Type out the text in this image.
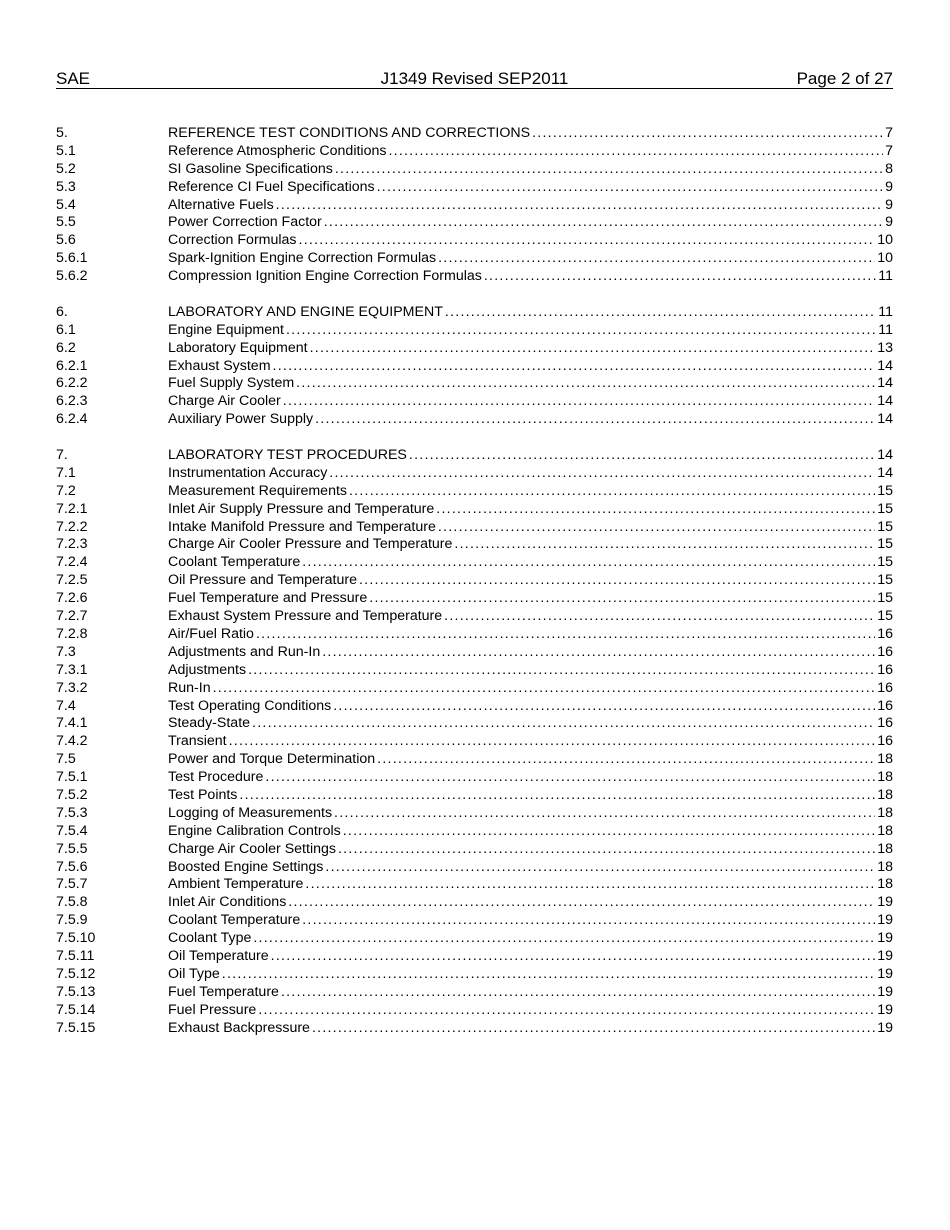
SAE	J1349 Revised SEP2011	Page 2 of 27
5.	REFERENCE TEST CONDITIONS AND CORRECTIONS . . .	7
5.1	Reference Atmospheric Conditions . . .	7
5.2	SI Gasoline Specifications . . .	8
5.3	Reference CI Fuel Specifications . . .	9
5.4	Alternative Fuels . . .	9
5.5	Power Correction Factor . . .	9
5.6	Correction Formulas . . .	10
5.6.1	Spark-Ignition Engine Correction Formulas . . .	10
5.6.2	Compression Ignition Engine Correction Formulas . . .	11
6.	LABORATORY AND ENGINE EQUIPMENT . . .	11
6.1	Engine Equipment . . .	11
6.2	Laboratory Equipment . . .	13
6.2.1	Exhaust System . . .	14
6.2.2	Fuel Supply System . . .	14
6.2.3	Charge Air Cooler . . .	14
6.2.4	Auxiliary Power Supply . . .	14
7.	LABORATORY TEST PROCEDURES . . .	14
7.1	Instrumentation Accuracy . . .	14
7.2	Measurement Requirements . . .	15
7.2.1	Inlet Air Supply Pressure and Temperature . . .	15
7.2.2	Intake Manifold Pressure and Temperature . . .	15
7.2.3	Charge Air Cooler Pressure and Temperature . . .	15
7.2.4	Coolant Temperature . . .	15
7.2.5	Oil Pressure and Temperature . . .	15
7.2.6	Fuel Temperature and Pressure . . .	15
7.2.7	Exhaust System Pressure and Temperature . . .	15
7.2.8	Air/Fuel Ratio . . .	16
7.3	Adjustments and Run-In . . .	16
7.3.1	Adjustments . . .	16
7.3.2	Run-In . . .	16
7.4	Test Operating Conditions . . .	16
7.4.1	Steady-State . . .	16
7.4.2	Transient . . .	16
7.5	Power and Torque Determination . . .	18
7.5.1	Test Procedure . . .	18
7.5.2	Test Points . . .	18
7.5.3	Logging of Measurements . . .	18
7.5.4	Engine Calibration Controls . . .	18
7.5.5	Charge Air Cooler Settings . . .	18
7.5.6	Boosted Engine Settings . . .	18
7.5.7	Ambient Temperature . . .	18
7.5.8	Inlet Air Conditions . . .	19
7.5.9	Coolant Temperature . . .	19
7.5.10	Coolant Type . . .	19
7.5.11	Oil Temperature . . .	19
7.5.12	Oil Type . . .	19
7.5.13	Fuel Temperature . . .	19
7.5.14	Fuel Pressure . . .	19
7.5.15	Exhaust Backpressure . . .	19
